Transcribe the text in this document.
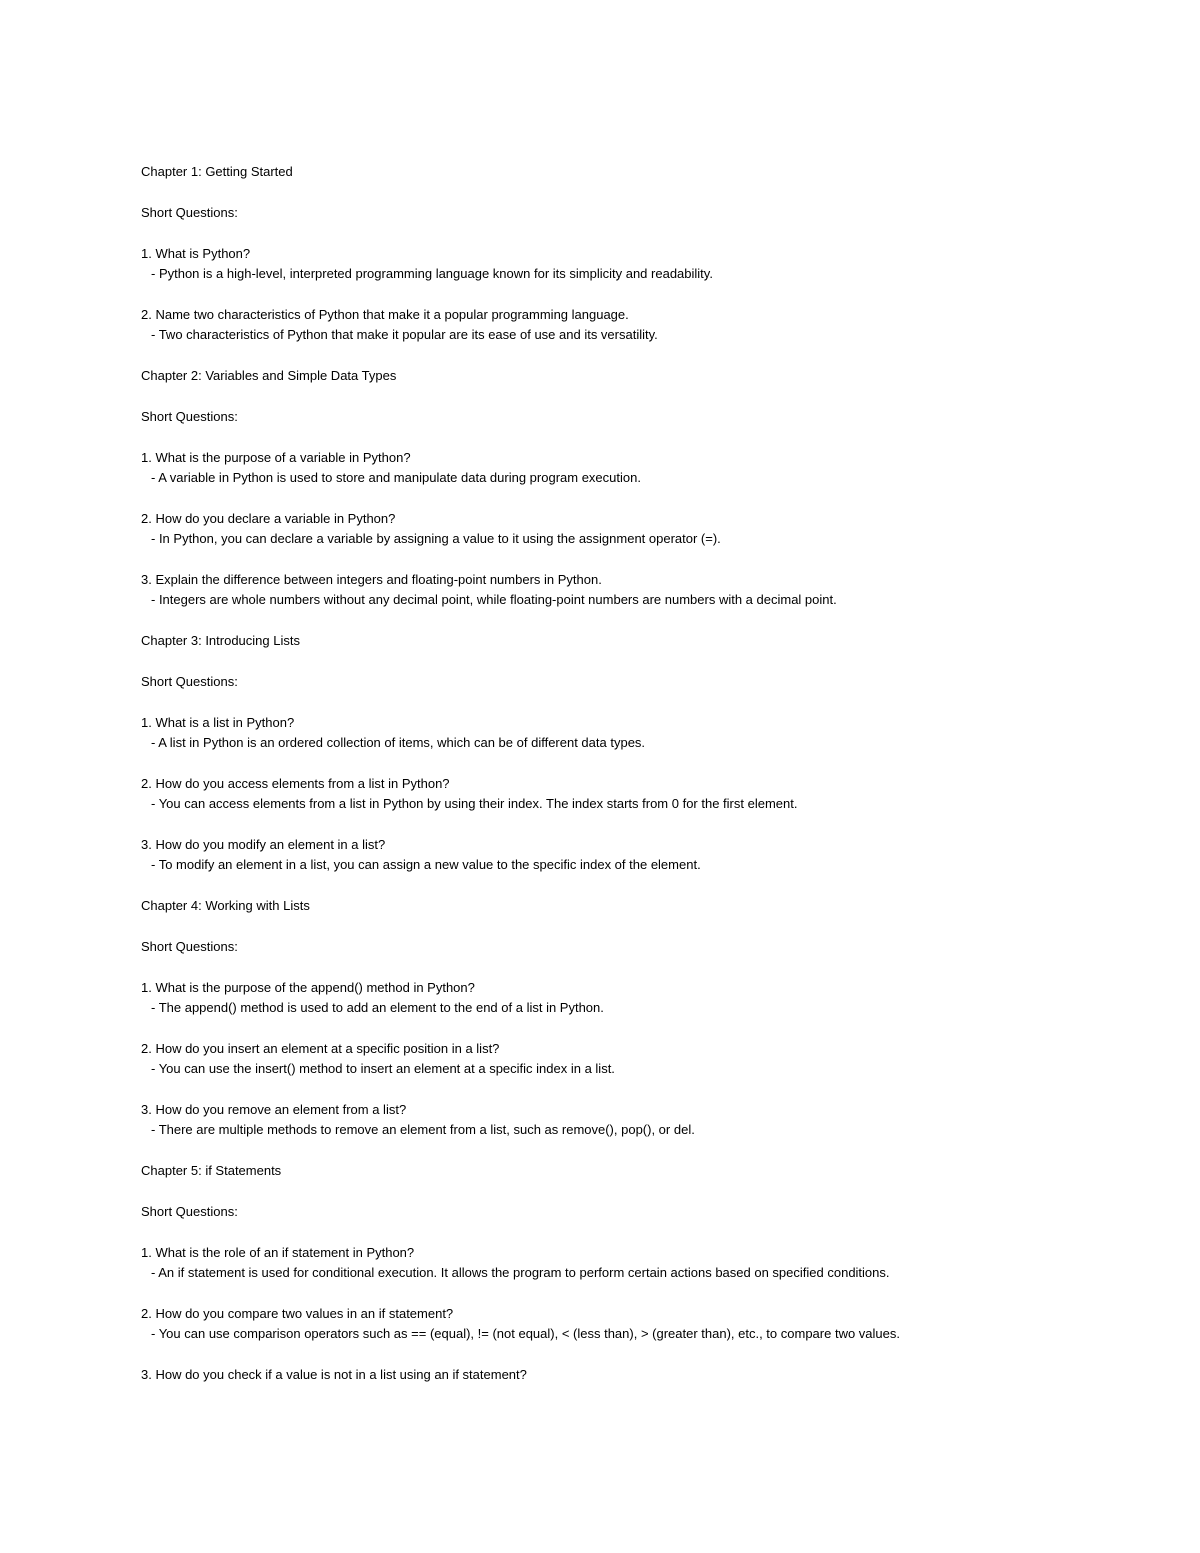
Chapter 1: Getting Started
Short Questions:
1. What is Python?
- Python is a high-level, interpreted programming language known for its simplicity and readability.
2. Name two characteristics of Python that make it a popular programming language.
- Two characteristics of Python that make it popular are its ease of use and its versatility.
Chapter 2: Variables and Simple Data Types
Short Questions:
1. What is the purpose of a variable in Python?
- A variable in Python is used to store and manipulate data during program execution.
2. How do you declare a variable in Python?
- In Python, you can declare a variable by assigning a value to it using the assignment operator (=).
3. Explain the difference between integers and floating-point numbers in Python.
- Integers are whole numbers without any decimal point, while floating-point numbers are numbers with a decimal point.
Chapter 3: Introducing Lists
Short Questions:
1. What is a list in Python?
- A list in Python is an ordered collection of items, which can be of different data types.
2. How do you access elements from a list in Python?
- You can access elements from a list in Python by using their index. The index starts from 0 for the first element.
3. How do you modify an element in a list?
- To modify an element in a list, you can assign a new value to the specific index of the element.
Chapter 4: Working with Lists
Short Questions:
1. What is the purpose of the append() method in Python?
- The append() method is used to add an element to the end of a list in Python.
2. How do you insert an element at a specific position in a list?
- You can use the insert() method to insert an element at a specific index in a list.
3. How do you remove an element from a list?
- There are multiple methods to remove an element from a list, such as remove(), pop(), or del.
Chapter 5: if Statements
Short Questions:
1. What is the role of an if statement in Python?
- An if statement is used for conditional execution. It allows the program to perform certain actions based on specified conditions.
2. How do you compare two values in an if statement?
- You can use comparison operators such as == (equal), != (not equal), < (less than), > (greater than), etc., to compare two values.
3. How do you check if a value is not in a list using an if statement?
